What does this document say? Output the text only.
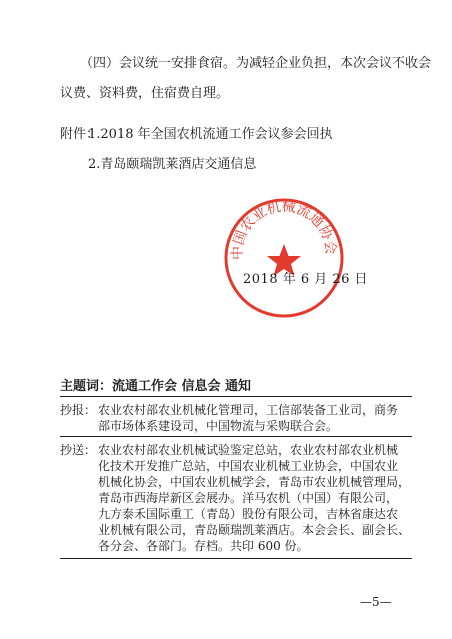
（四）会议统一安排食宿。为减轻企业负担，本次会议不收会
议费、资料费，住宿费自理。
附件：
1.2018 年全国农机流通工作会议参会回执
2.青岛颐瑞凯莱酒店交通信息
中国农业机械流通协会
2018 年 6 月 26 日
主题词： 流通工作会 信息会 通知
抄报： 农业农村部农业机械化管理司，工信部装备工业司，商务
部市场体系建设司，中国物流与采购联合会。
抄送： 农业农村部农业机械试验鉴定总站，农业农村部农业机械
化技术开发推广总站，中国农业机械工业协会，中国农业
机械化协会，中国农业机械学会，青岛市农业机械管理局，
青岛市西海岸新区会展办。洋马农机（中国）有限公司，
九方泰禾国际重工（青岛）股份有限公司，吉林省康达农
业机械有限公司，青岛颐瑞凯莱酒店。本会会长、副会长、
各分会、各部门。存档。共印 600 份。
—5—
